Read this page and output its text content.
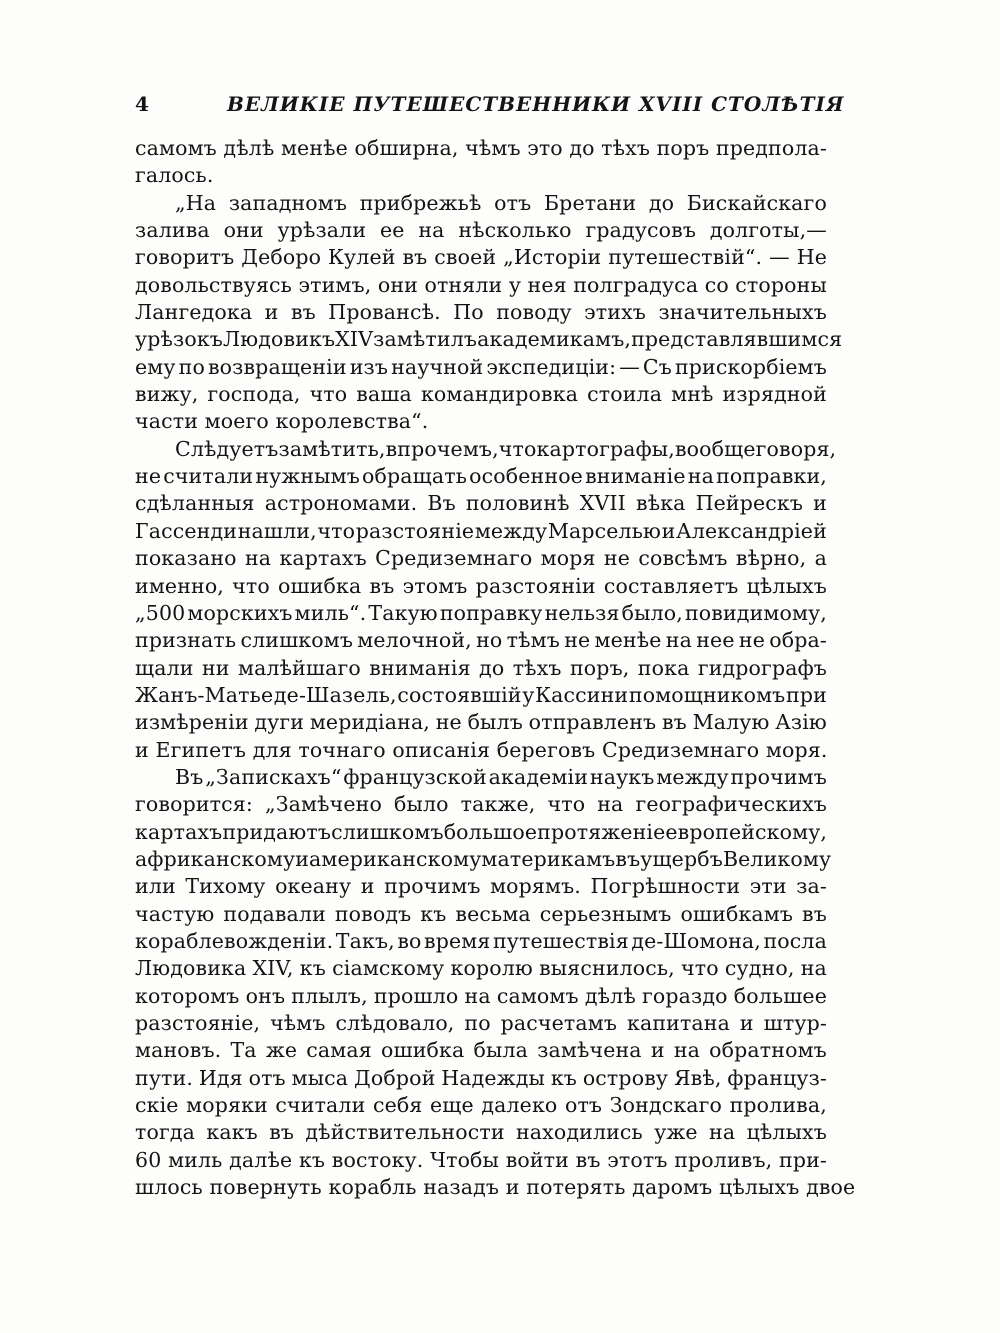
4	ВЕЛИКІЕ ПУТЕШЕСТВЕННИКИ XVIII СТОЛѢТІЯ
самомъ дѣлѣ менѣе обширна, чѣмъ это до тѣхъ поръ предпола-
галось.
„На западномъ прибрежьѣ отъ Бретани до Бискайскаго
залива они урѣзали ее на нѣсколько градусовъ долготы,—
говоритъ Деборо Кулей въ своей „Исторіи путешествій“. — Не
довольствуясь этимъ, они отняли у нея полградуса со стороны
Лангедока и въ Провансѣ. По поводу этихъ значительныхъ
урѣзокъ Людовикъ XIV замѣтилъ академикамъ, представлявшимся
ему по возвращеніи изъ научной экспедиціи: — Съ прискорбіемъ
вижу, господа, что ваша командировка стоила мнѣ изрядной
части моего королевства“.
Слѣдуетъ замѣтить, впрочемъ, что картографы, вообще говоря,
не считали нужнымъ обращать особенное вниманіе на поправки,
сдѣланныя астрономами. Въ половинѣ XVII вѣка Пейрескъ и
Гассенди нашли, что разстояніе между Марселью и Александріей
показано на картахъ Средиземнаго моря не совсѣмъ вѣрно, а
именно, что ошибка въ этомъ разстояніи составляетъ цѣлыхъ
„500 морскихъ миль“. Такую поправку нельзя было, повидимому,
признать слишкомъ мелочной, но тѣмъ не менѣе на нее не обра-
щали ни малѣйшаго вниманія до тѣхъ поръ, пока гидрографъ
Жанъ-Матье де-Шазель, состоявшій у Кассини помощникомъ при
измѣреніи дуги меридіана, не былъ отправленъ въ Малую Азію
и Египетъ для точнаго описанія береговъ Средиземнаго моря.
Въ „Запискахъ“ французской академіи наукъ между прочимъ
говорится: „Замѣчено было также, что на географическихъ
картахъ придаютъ слишкомъ большое протяженіе европейскому,
африканскому и американскому материкамъ въ ущербъ Великому
или Тихому океану и прочимъ морямъ. Погрѣшности эти за-
частую подавали поводъ къ весьма серьезнымъ ошибкамъ въ
кораблевожденіи. Такъ, во время путешествія де-Шомона, посла
Людовика XIV, къ сіамскому королю выяснилось, что судно, на
которомъ онъ плылъ, прошло на самомъ дѣлѣ гораздо большее
разстояніе, чѣмъ слѣдовало, по расчетамъ капитана и штур-
мановъ. Та же самая ошибка была замѣчена и на обратномъ
пути. Идя отъ мыса Доброй Надежды къ острову Явѣ, француз-
скіе моряки считали себя еще далеко отъ Зондскаго пролива,
тогда какъ въ дѣйствительности находились уже на цѣлыхъ
60 миль далѣе къ востоку. Чтобы войти въ этотъ проливъ, при-
шлось повернуть корабль назадъ и потерять даромъ цѣлыхъ двое
